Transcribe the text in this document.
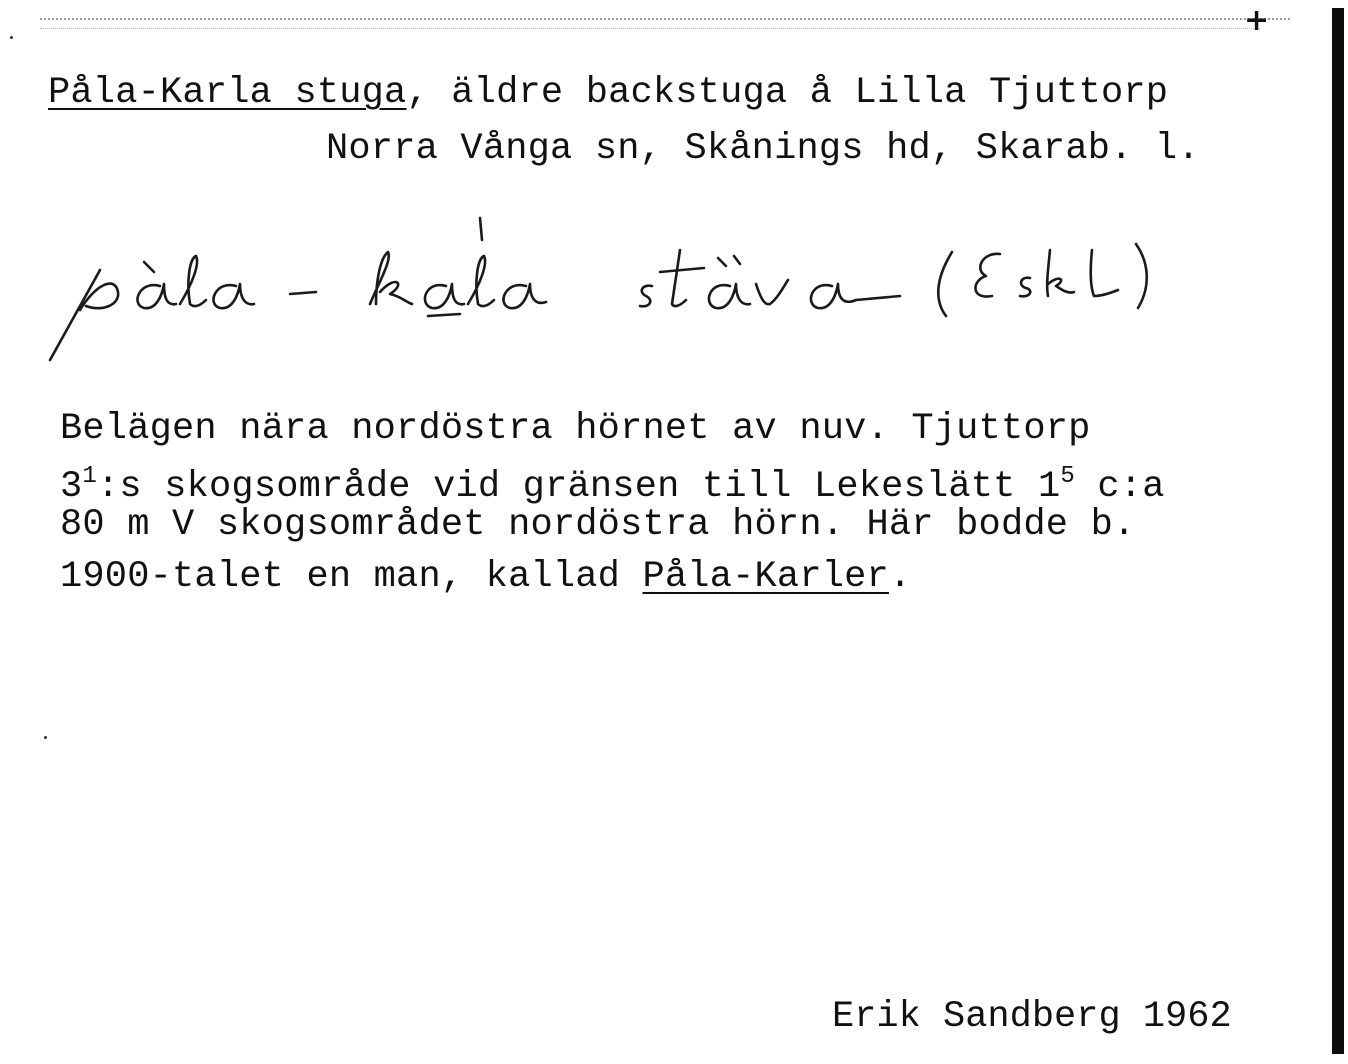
+
Påla-Karla stuga, äldre backstuga å Lilla Tjuttorp
Norra Vånga sn, Skånings hd, Skarab. l.
Belägen nära nordöstra hörnet av nuv. Tjuttorp
$3^1:s$ skogsområde vid gränsen till Lekeslätt $1^5$ c:a
80 m V skogsområdet nordöstra hörn. Här bodde b.
1900-talet en man, kallad Påla-Karler.
Erik Sandberg 1962
